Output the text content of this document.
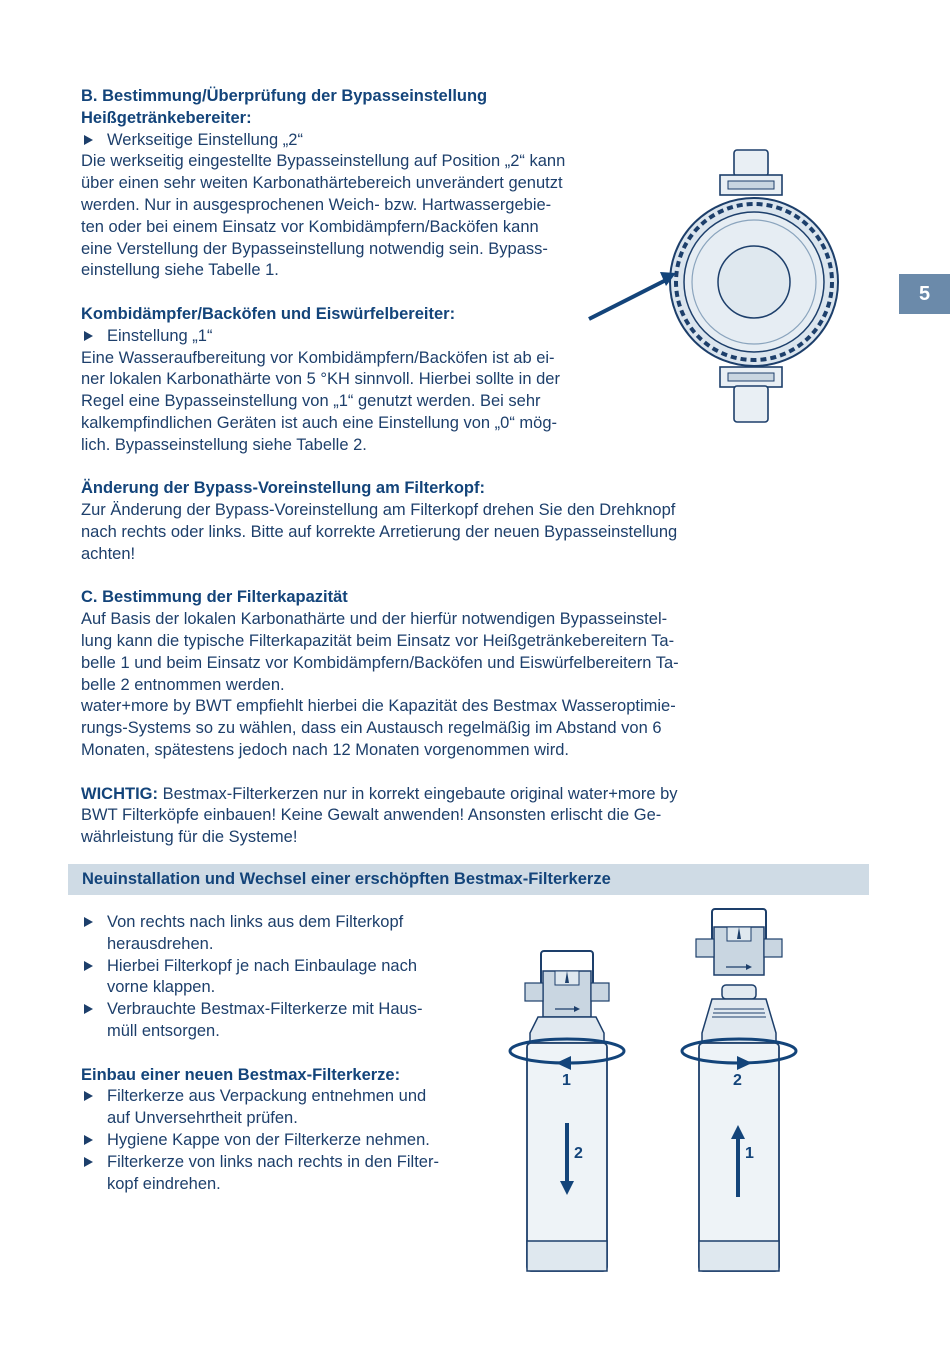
5
B. Bestimmung/Überprüfung der Bypasseinstellung
Heißgetränkebereiter:
Werkseitige Einstellung „2“
Die werkseitig eingestellte Bypasseinstellung auf Position „2“ kann
über einen sehr weiten Karbonathärtebereich unverändert genutzt
werden. Nur in ausgesprochenen Weich- bzw. Hartwassergebie-
ten oder bei einem Einsatz vor Kombidämpfern/Backöfen kann
eine Verstellung der Bypasseinstellung notwendig sein. Bypass-
einstellung siehe Tabelle 1.
Kombidämpfer/Backöfen und Eiswürfelbereiter:
Einstellung „1“
Eine Wasseraufbereitung vor Kombidämpfern/Backöfen ist ab ei-
ner lokalen Karbonathärte von 5 °KH sinnvoll. Hierbei sollte in der
Regel eine Bypasseinstellung von „1“ genutzt werden. Bei sehr
kalkempfindlichen Geräten ist auch eine Einstellung von „0“ mög-
lich. Bypasseinstellung siehe Tabelle 2.
Änderung der Bypass-Voreinstellung am Filterkopf:
Zur Änderung der Bypass-Voreinstellung am Filterkopf drehen Sie den Drehknopf
nach rechts oder links. Bitte auf korrekte Arretierung der neuen Bypasseinstellung
achten!
C. Bestimmung der Filterkapazität
Auf Basis der lokalen Karbonathärte und der hierfür notwendigen Bypasseinstel-
lung kann die typische Filterkapazität beim Einsatz vor Heißgetränkebereitern Ta-
belle 1 und beim Einsatz vor Kombidämpfern/Backöfen und Eiswürfelbereitern Ta-
belle 2 entnommen werden.
water+more by BWT empfiehlt hierbei die Kapazität des Bestmax Wasseroptimie-
rungs-Systems so zu wählen, dass ein Austausch regelmäßig im Abstand von 6
Monaten, spätestens jedoch nach 12 Monaten vorgenommen wird.
WICHTIG: Bestmax-Filterkerzen nur in korrekt eingebaute original water+more by
BWT Filterköpfe einbauen! Keine Gewalt anwenden! Ansonsten erlischt die Ge-
währleistung für die Systeme!
Neuinstallation und Wechsel einer erschöpften Bestmax-Filterkerze
Von rechts nach links aus dem Filterkopf
herausdrehen.
Hierbei Filterkopf je nach Einbaulage nach
vorne klappen.
Verbrauchte Bestmax-Filterkerze mit Haus-
müll entsorgen.
Einbau einer neuen Bestmax-Filterkerze:
Filterkerze aus Verpackung entnehmen und
auf Unversehrtheit prüfen.
Hygiene Kappe von der Filterkerze nehmen.
Filterkerze von links nach rechts in den Filter-
kopf eindrehen.
1
2
2
1
